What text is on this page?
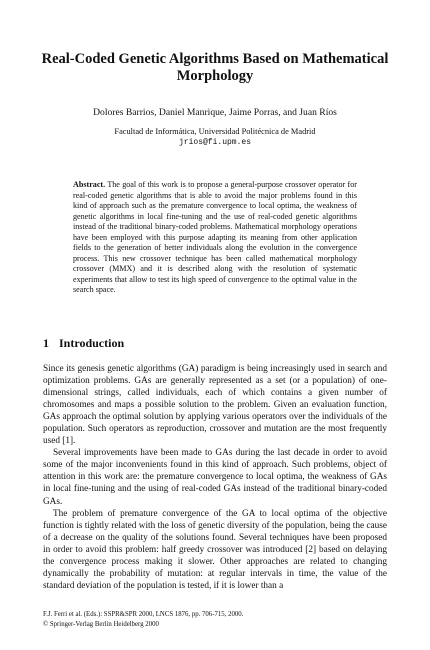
Real-Coded Genetic Algorithms Based on Mathematical Morphology
Dolores Barrios, Daniel Manrique, Jaime Porras, and Juan Ríos
Facultad de Informática, Universidad Politécnica de Madrid
jrios@fi.upm.es
Abstract. The goal of this work is to propose a general-purpose crossover operator for real-coded genetic algorithms that is able to avoid the major problems found in this kind of approach such as the premature convergence to local optima, the weakness of genetic algorithms in local fine-tuning and the use of real-coded genetic algorithms instead of the traditional binary-coded problems. Mathematical morphology operations have been employed with this purpose adapting its meaning from other application fields to the generation of better individuals along the evolution in the convergence process. This new crossover technique has been called mathematical morphology crossover (MMX) and it is described along with the resolution of systematic experiments that allow to test its high speed of convergence to the optimal value in the search space.
1 Introduction

Since its genesis genetic algorithms (GA) paradigm is being increasingly used in search and optimization problems. GAs are generally represented as a set (or a population) of one-dimensional strings, called individuals, each of which contains a given number of chromosomes and maps a possible solution to the problem. Given an evaluation function, GAs approach the optimal solution by applying various operators over the individuals of the population. Such operators as reproduction, crossover and mutation are the most frequently used [1].

Several improvements have been made to GAs during the last decade in order to avoid some of the major inconvenients found in this kind of approach. Such problems, object of attention in this work are: the premature convergence to local optima, the weakness of GAs in local fine-tuning and the using of real-coded GAs instead of the traditional binary-coded GAs.

The problem of premature convergence of the GA to local optima of the objective function is tightly related with the loss of genetic diversity of the population, being the cause of a decrease on the quality of the solutions found. Several techniques have been proposed in order to avoid this problem: half greedy crossover was introduced [2] based on delaying the convergence process making it slower. Other approaches are related to changing dynamically the probability of mutation: at regular intervals in time, the value of the standard deviation of the population is tested, if it is lower than a

F.J. Ferri et al. (Eds.): SSPR&SPR 2000, LNCS 1876, pp. 706-715, 2000.
© Springer-Verlag Berlin Heidelberg 2000
